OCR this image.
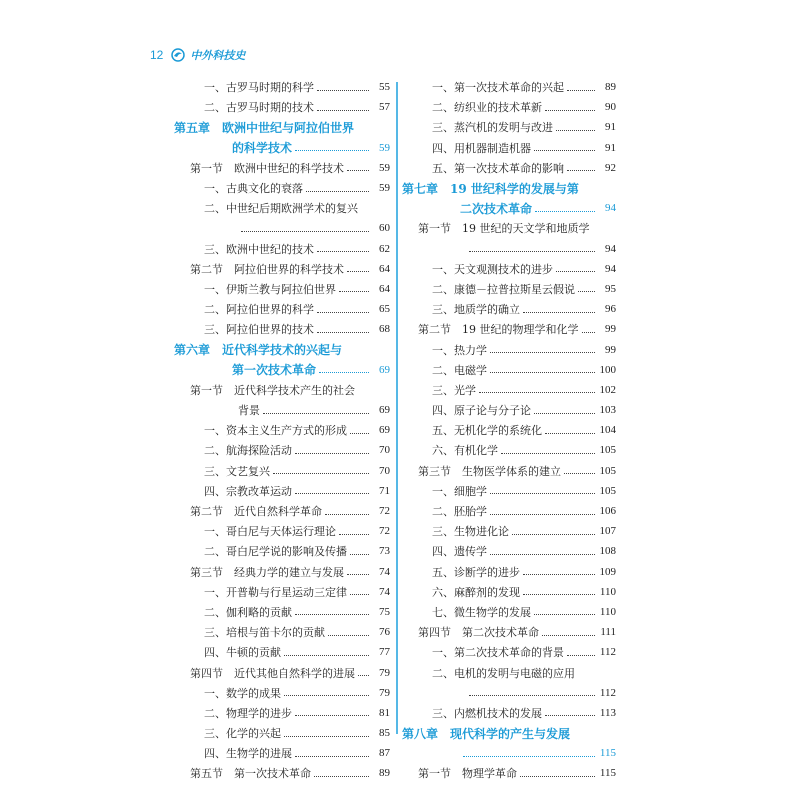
12 中外科技史
一、古罗马时期的科学	55
二、古罗马时期的技术	57
第五章　欧洲中世纪与阿拉伯世界
的科学技术	59
第一节　欧洲中世纪的科学技术	59
一、古典文化的衰落	59
二、中世纪后期欧洲学术的复兴
60
三、欧洲中世纪的技术	62
第二节　阿拉伯世界的科学技术	64
一、伊斯兰教与阿拉伯世界	64
二、阿拉伯世界的科学	65
三、阿拉伯世界的技术	68
第六章　近代科学技术的兴起与
第一次技术革命	69
第一节　近代科学技术产生的社会
背景	69
一、资本主义生产方式的形成	69
二、航海探险活动	70
三、文艺复兴	70
四、宗教改革运动	71
第二节　近代自然科学革命	72
一、哥白尼与天体运行理论	72
二、哥白尼学说的影响及传播	73
第三节　经典力学的建立与发展	74
一、开普勒与行星运动三定律	74
二、伽利略的贡献	75
三、培根与笛卡尔的贡献	76
四、牛顿的贡献	77
第四节　近代其他自然科学的进展	79
一、数学的成果	79
二、物理学的进步	81
三、化学的兴起	85
四、生物学的进展	87
第五节　第一次技术革命	89
一、第一次技术革命的兴起	89
二、纺织业的技术革新	90
三、蒸汽机的发明与改进	91
四、用机器制造机器	91
五、第一次技术革命的影响	92
第七章　19 世纪科学的发展与第
二次技术革命	94
第一节　19 世纪的天文学和地质学
94
一、天文观测技术的进步	94
二、康德－拉普拉斯星云假说	95
三、地质学的确立	96
第二节　19 世纪的物理学和化学	99
一、热力学	99
二、电磁学	100
三、光学	102
四、原子论与分子论	103
五、无机化学的系统化	104
六、有机化学	105
第三节　生物医学体系的建立	105
一、细胞学	105
二、胚胎学	106
三、生物进化论	107
四、遗传学	108
五、诊断学的进步	109
六、麻醉剂的发现	110
七、微生物学的发展	110
第四节　第二次技术革命	111
一、第二次技术革命的背景	112
二、电机的发明与电磁的应用
112
三、内燃机技术的发展	113
第八章　现代科学的产生与发展
115
第一节　物理学革命	115
